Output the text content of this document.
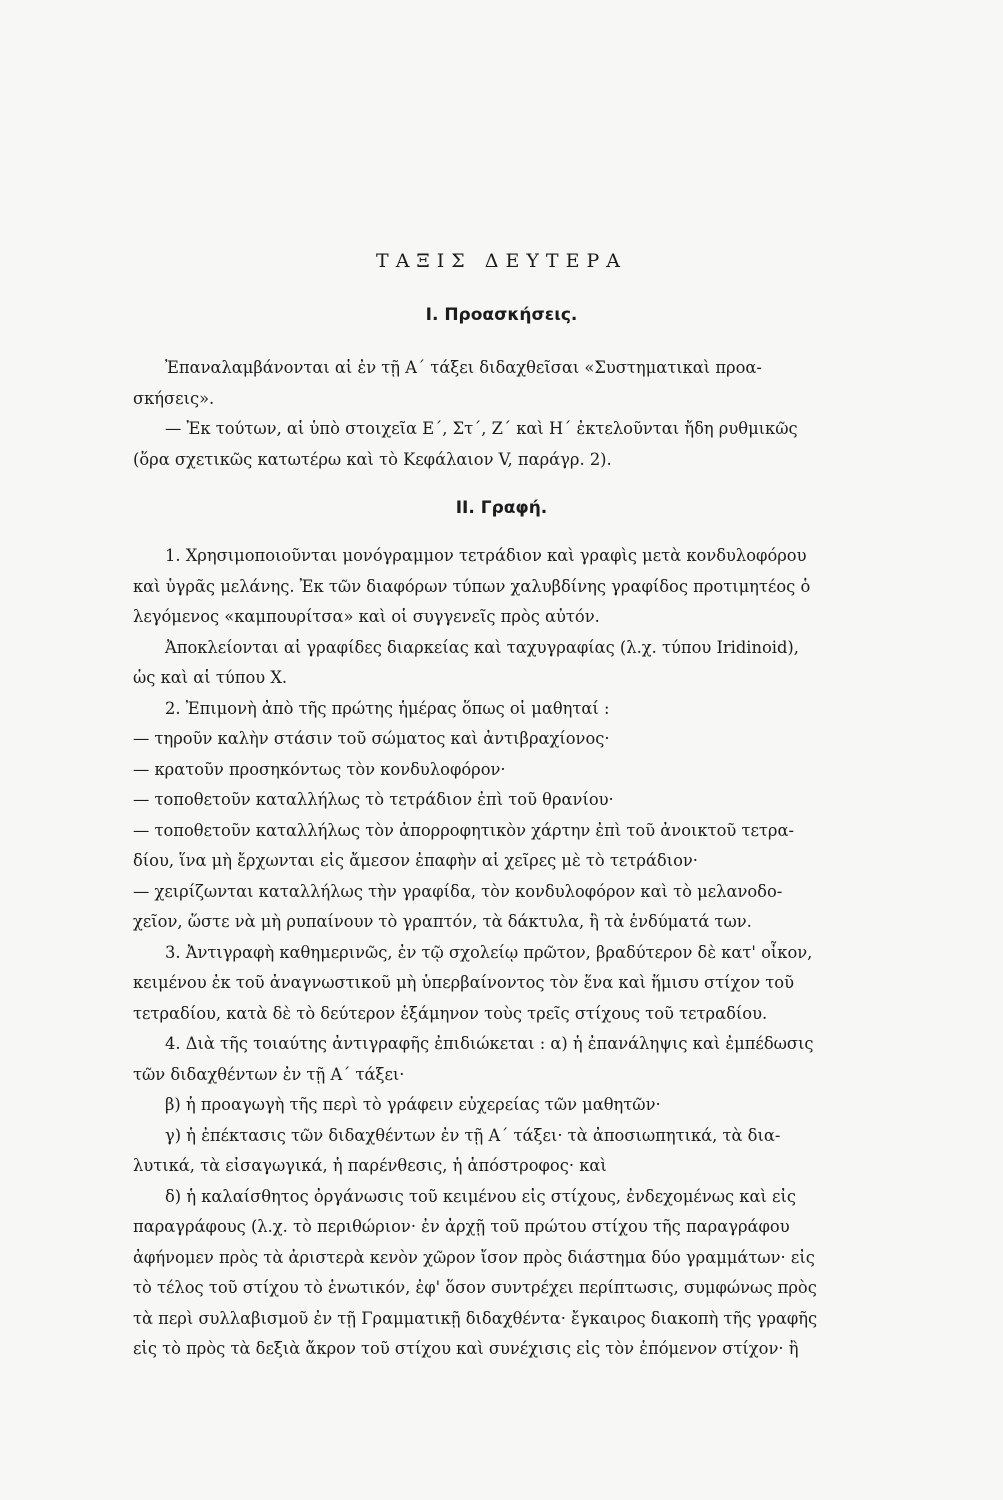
ΤΑΞΙΣ ΔΕΥΤΕΡΑ
Ι. Προασκήσεις.

Ἐπαναλαμβάνονται αἱ ἐν τῇ Α΄ τάξει διδαχθεῖσαι «Συστηματικαὶ προα-

σκήσεις».

— Ἐκ τούτων, αἱ ὑπὸ στοιχεῖα Ε΄, Στ΄, Ζ΄ καὶ Η΄ ἐκτελοῦνται ἤδη ρυθμικῶς

(ὅρα σχετικῶς κατωτέρω καὶ τὸ Κεφάλαιον V, παράγρ. 2).

ΙΙ. Γραφή.

1. Χρησιμοποιοῦνται μονόγραμμον τετράδιον καὶ γραφὶς μετὰ κονδυλοφόρου

καὶ ὑγρᾶς μελάνης. Ἐκ τῶν διαφόρων τύπων χαλυβδίνης γραφίδος προτιμητέος ὁ

λεγόμενος «καμπουρίτσα» καὶ οἱ συγγενεῖς πρὸς αὐτόν.

Ἀποκλείονται αἱ γραφίδες διαρκείας καὶ ταχυγραφίας (λ.χ. τύπου Iridinoid),

ὡς καὶ αἱ τύπου Χ.

2. Ἐπιμονὴ ἀπὸ τῆς πρώτης ἡμέρας ὅπως οἱ μαθηταί :

— τηροῦν καλὴν στάσιν τοῦ σώματος καὶ ἀντιβραχίονος·

— κρατοῦν προσηκόντως τὸν κονδυλοφόρον·

— τοποθετοῦν καταλλήλως τὸ τετράδιον ἐπὶ τοῦ θρανίου·

— τοποθετοῦν καταλλήλως τὸν ἀπορροφητικὸν χάρτην ἐπὶ τοῦ ἀνοικτοῦ τετρα-

δίου, ἵνα μὴ ἔρχωνται εἰς ἄμεσον ἐπαφὴν αἱ χεῖρες μὲ τὸ τετράδιον·

— χειρίζωνται καταλλήλως τὴν γραφίδα, τὸν κονδυλοφόρον καὶ τὸ μελανοδο-

χεῖον, ὥστε νὰ μὴ ρυπαίνουν τὸ γραπτόν, τὰ δάκτυλα, ἢ τὰ ἐνδύματά των.

3. Ἀντιγραφὴ καθημερινῶς, ἐν τῷ σχολείῳ πρῶτον, βραδύτερον δὲ κατ' οἶκον,

κειμένου ἐκ τοῦ ἀναγνωστικοῦ μὴ ὑπερβαίνοντος τὸν ἕνα καὶ ἥμισυ στίχον τοῦ

τετραδίου, κατὰ δὲ τὸ δεύτερον ἑξάμηνον τοὺς τρεῖς στίχους τοῦ τετραδίου.

4. Διὰ τῆς τοιαύτης ἀντιγραφῆς ἐπιδιώκεται : α) ἡ ἐπανάληψις καὶ ἐμπέδωσις

τῶν διδαχθέντων ἐν τῇ Α΄ τάξει·

β) ἡ προαγωγὴ τῆς περὶ τὸ γράφειν εὐχερείας τῶν μαθητῶν·

γ) ἡ ἐπέκτασις τῶν διδαχθέντων ἐν τῇ Α΄ τάξει· τὰ ἀποσιωπητικά, τὰ δια-

λυτικά, τὰ εἰσαγωγικά, ἡ παρένθεσις, ἡ ἀπόστροφος· καὶ

δ) ἡ καλαίσθητος ὀργάνωσις τοῦ κειμένου εἰς στίχους, ἐνδεχομένως καὶ εἰς

παραγράφους (λ.χ. τὸ περιθώριον· ἐν ἀρχῇ τοῦ πρώτου στίχου τῆς παραγράφου

ἀφήνομεν πρὸς τὰ ἀριστερὰ κενὸν χῶρον ἴσον πρὸς διάστημα δύο γραμμάτων· εἰς

τὸ τέλος τοῦ στίχου τὸ ἑνωτικόν, ἐφ' ὅσον συντρέχει περίπτωσις, συμφώνως πρὸς

τὰ περὶ συλλαβισμοῦ ἐν τῇ Γραμματικῇ διδαχθέντα· ἔγκαιρος διακοπὴ τῆς γραφῆς

εἰς τὸ πρὸς τὰ δεξιὰ ἄκρον τοῦ στίχου καὶ συνέχισις εἰς τὸν ἑπόμενον στίχον· ἢ
